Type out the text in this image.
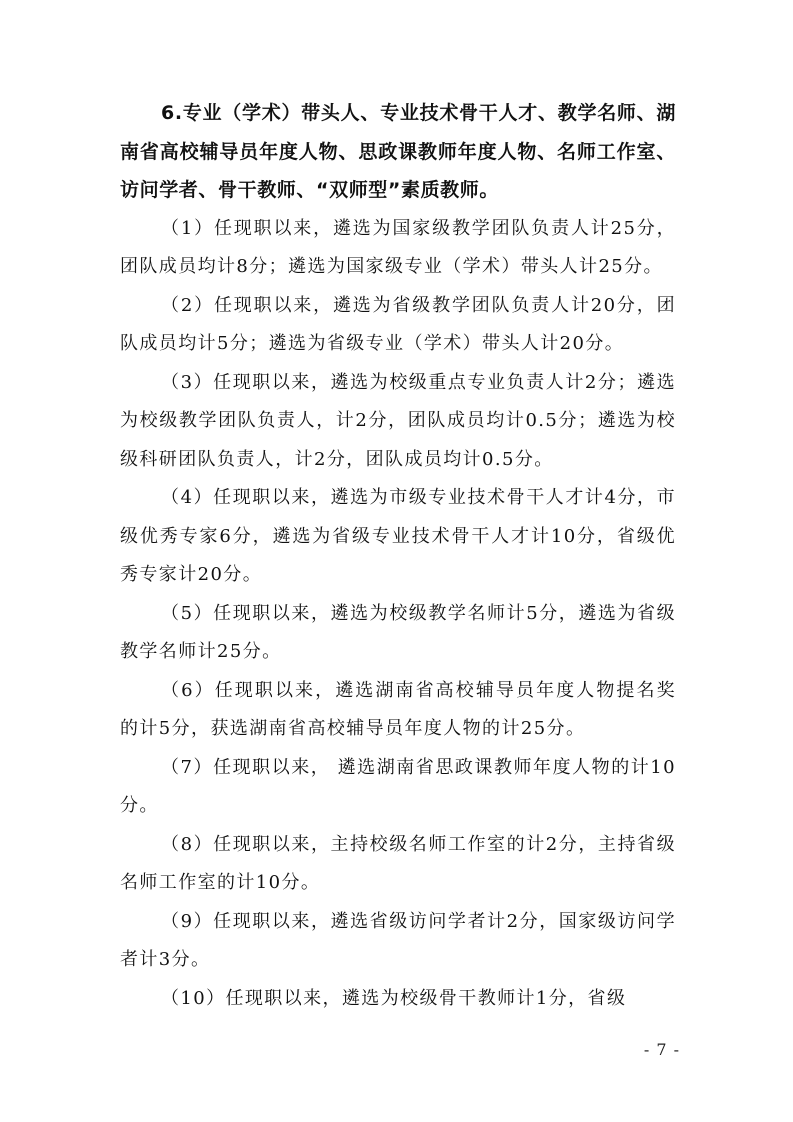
6.专业（学术）带头人、专业技术骨干人才、教学名师、湖南省高校辅导员年度人物、思政课教师年度人物、名师工作室、访问学者、骨干教师、“双师型”素质教师。

（1）任现职以来，遴选为国家级教学团队负责人计25分，团队成员均计8分；遴选为国家级专业（学术）带头人计25分。

（2）任现职以来，遴选为省级教学团队负责人计20分，团队成员均计5分；遴选为省级专业（学术）带头人计20分。

（3）任现职以来，遴选为校级重点专业负责人计2分；遴选为校级教学团队负责人，计2分，团队成员均计0.5分；遴选为校级科研团队负责人，计2分，团队成员均计0.5分。

（4）任现职以来，遴选为市级专业技术骨干人才计4分，市级优秀专家6分，遴选为省级专业技术骨干人才计10分，省级优秀专家计20分。

（5）任现职以来，遴选为校级教学名师计5分，遴选为省级教学名师计25分。

（6）任现职以来，遴选湖南省高校辅导员年度人物提名奖的计5分，获选湖南省高校辅导员年度人物的计25分。

（7）任现职以来， 遴选湖南省思政课教师年度人物的计10分。

（8）任现职以来，主持校级名师工作室的计2分，主持省级名师工作室的计10分。

（9）任现职以来，遴选省级访问学者计2分，国家级访问学者计3分。

（10）任现职以来，遴选为校级骨干教师计1分，省级

- 7 -
